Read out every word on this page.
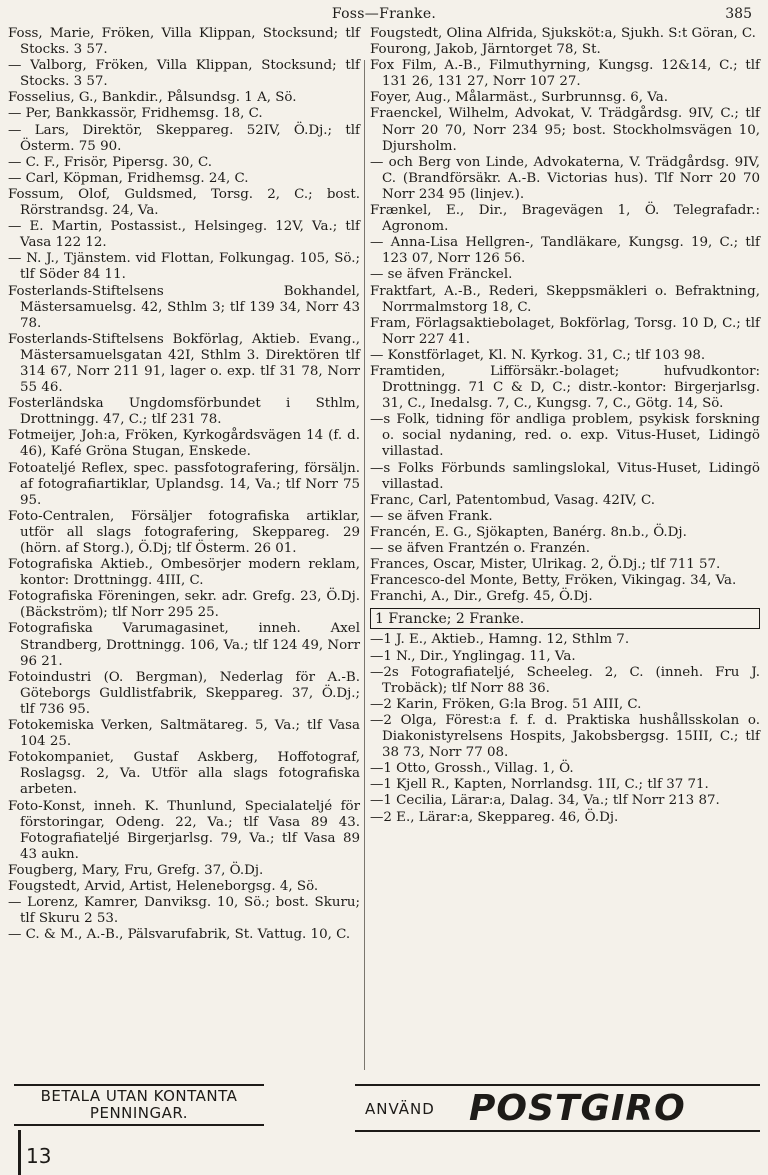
Foss—Franke.	385

Foss, Marie, Fröken, Villa Klippan, Stocksund; tlf Stocks. 3 57.

— Valborg, Fröken, Villa Klippan, Stocksund; tlf Stocks. 3 57.

Fosselius, G., Bankdir., Pålsundsg. 1 A, Sö.

— Per, Bankkassör, Fridhemsg. 18, C.

— Lars, Direktör, Skeppareg. 52IV, Ö.Dj.; tlf Österm. 75 90.

— C. F., Frisör, Pipersg. 30, C.

— Carl, Köpman, Fridhemsg. 24, C.

Fossum, Olof, Guldsmed, Torsg. 2, C.; bost. Rörstrandsg. 24, Va.

— E. Martin, Postassist., Helsingeg. 12V, Va.; tlf Vasa 122 12.

— N. J., Tjänstem. vid Flottan, Folkungag. 105, Sö.; tlf Söder 84 11.

Fosterlands-Stiftelsens Bokhandel, Mästersamuelsg. 42, Sthlm 3; tlf 139 34, Norr 43 78.

Fosterlands-Stiftelsens Bokförlag, Aktieb. Evang., Mästersamuelsgatan 42I, Sthlm 3. Direktören tlf 314 67, Norr 211 91, lager o. exp. tlf 31 78, Norr 55 46.

Fosterländska Ungdomsförbundet i Sthlm, Drottningg. 47, C.; tlf 231 78.

Fotmeijer, Joh:a, Fröken, Kyrkogårdsvägen 14 (f. d. 46), Kafé Gröna Stugan, Enskede.

Fotoateljé Reflex, spec. passfotografering, försäljn. af fotografiartiklar, Uplandsg. 14, Va.; tlf Norr 75 95.

Foto-Centralen, Försäljer fotografiska artiklar, utför all slags fotografering, Skeppareg. 29 (hörn. af Storg.), Ö.Dj; tlf Österm. 26 01.

Fotografiska Aktieb., Ombesörjer modern reklam, kontor: Drottningg. 4III, C.

Fotografiska Föreningen, sekr. adr. Grefg. 23, Ö.Dj. (Bäckström); tlf Norr 295 25.

Fotografiska Varumagasinet, inneh. Axel Strandberg, Drottningg. 106, Va.; tlf 124 49, Norr 96 21.

Fotoindustri (O. Bergman), Nederlag för A.-B. Göteborgs Guldlistfabrik, Skeppareg. 37, Ö.Dj.; tlf 736 95.

Fotokemiska Verken, Saltmätareg. 5, Va.; tlf Vasa 104 25.

Fotokompaniet, Gustaf Askberg, Hoffotograf, Roslagsg. 2, Va. Utför alla slags fotografiska arbeten.

Foto-Konst, inneh. K. Thunlund, Specialateljé för förstoringar, Odeng. 22, Va.; tlf Vasa 89 43. Fotografiateljé Birgerjarlsg. 79, Va.; tlf Vasa 89 43 aukn.

Fougberg, Mary, Fru, Grefg. 37, Ö.Dj.

Fougstedt, Arvid, Artist, Heleneborgsg. 4, Sö.

— Lorenz, Kamrer, Danviksg. 10, Sö.; bost. Skuru; tlf Skuru 2 53.

— C. & M., A.-B., Pälsvarufabrik, St. Vattug. 10, C.

Fougstedt, Olina Alfrida, Sjuksköt:a, Sjukh. S:t Göran, C.

Fourong, Jakob, Järntorget 78, St.

Fox Film, A.-B., Filmuthyrning, Kungsg. 12&14, C.; tlf 131 26, 131 27, Norr 107 27.

Foyer, Aug., Målarmäst., Surbrunnsg. 6, Va.

Fraenckel, Wilhelm, Advokat, V. Trädgårdsg. 9IV, C.; tlf Norr 20 70, Norr 234 95; bost. Stockholmsvägen 10, Djursholm.

— och Berg von Linde, Advokaterna, V. Trädgårdsg. 9IV, C. (Brandförsäkr. A.-B. Victorias hus). Tlf Norr 20 70 Norr 234 95 (linjev.).

Frænkel, E., Dir., Bragevägen 1, Ö. Telegrafadr.: Agronom.

— Anna-Lisa Hellgren-, Tandläkare, Kungsg. 19, C.; tlf 123 07, Norr 126 56.

— se äfven Fränckel.

Fraktfart, A.-B., Rederi, Skeppsmäkleri o. Befraktning, Norrmalmstorg 18, C.

Fram, Förlagsaktiebolaget, Bokförlag, Torsg. 10 D, C.; tlf Norr 227 41.

— Konstförlaget, Kl. N. Kyrkog. 31, C.; tlf 103 98.

Framtiden, Lifförsäkr.-bolaget; hufvudkontor: Drottningg. 71 C & D, C.; distr.-kontor: Birgerjarlsg. 31, C., Inedalsg. 7, C., Kungsg. 7, C., Götg. 14, Sö.

—s Folk, tidning för andliga problem, psykisk forskning o. social nydaning, red. o. exp. Vitus-Huset, Lidingö villastad.

—s Folks Förbunds samlingslokal, Vitus-Huset, Lidingö villastad.

Franc, Carl, Patentombud, Vasag. 42IV, C.

— se äfven Frank.

Francén, E. G., Sjökapten, Banérg. 8n.b., Ö.Dj.

— se äfven Frantzén o. Franzén.

Frances, Oscar, Mister, Ulrikag. 2, Ö.Dj.; tlf 711 57.

Francesco-del Monte, Betty, Fröken, Vikingag. 34, Va.

Franchi, A., Dir., Grefg. 45, Ö.Dj.

1 Francke; 2 Franke.

—1 J. E., Aktieb., Hamng. 12, Sthlm 7.

—1 N., Dir., Ynglingag. 11, Va.

—2s Fotografiateljé, Scheeleg. 2, C. (inneh. Fru J. Trobäck); tlf Norr 88 36.

—2 Karin, Fröken, G:la Brog. 51 AIII, C.

—2 Olga, Förest:a f. f. d. Praktiska hushållsskolan o. Diakonistyrelsens Hospits, Jakobsbergsg. 15III, C.; tlf 38 73, Norr 77 08.

—1 Otto, Grossh., Villag. 1, Ö.

—1 Kjell R., Kapten, Norrlandsg. 1II, C.; tlf 37 71.

—1 Cecilia, Lärar:a, Dalag. 34, Va.; tlf Norr 213 87.

—2 E., Lärar:a, Skeppareg. 46, Ö.Dj.

BETALA UTAN KONTANTA
PENNINGAR.	ANVÄND POSTGIRO
13
